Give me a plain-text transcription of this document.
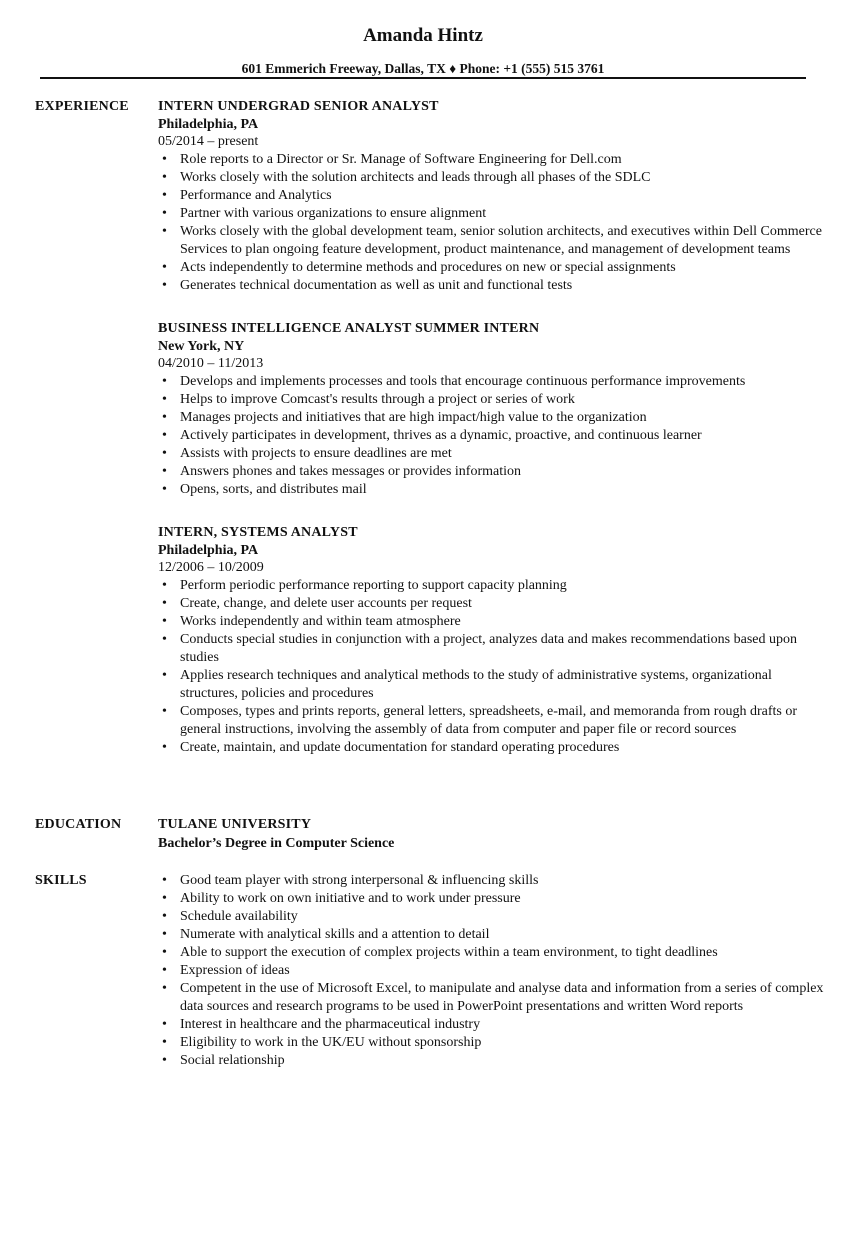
Amanda Hintz
601 Emmerich Freeway, Dallas, TX ♦ Phone: +1 (555) 515 3761
EXPERIENCE INTERN UNDERGRAD SENIOR ANALYST
Philadelphia, PA
05/2014 – present
• Role reports to a Director or Sr. Manage of Software Engineering for Dell.com
• Works closely with the solution architects and leads through all phases of the SDLC
• Performance and Analytics
• Partner with various organizations to ensure alignment
• Works closely with the global development team, senior solution architects, and executives within Dell Commerce Services to plan ongoing feature development, product maintenance, and management of development teams
• Acts independently to determine methods and procedures on new or special assignments
• Generates technical documentation as well as unit and functional tests
BUSINESS INTELLIGENCE ANALYST SUMMER INTERN
New York, NY
04/2010 – 11/2013
• Develops and implements processes and tools that encourage continuous performance improvements
• Helps to improve Comcast's results through a project or series of work
• Manages projects and initiatives that are high impact/high value to the organization
• Actively participates in development, thrives as a dynamic, proactive, and continuous learner
• Assists with projects to ensure deadlines are met
• Answers phones and takes messages or provides information
• Opens, sorts, and distributes mail
INTERN, SYSTEMS ANALYST
Philadelphia, PA
12/2006 – 10/2009
• Perform periodic performance reporting to support capacity planning
• Create, change, and delete user accounts per request
• Works independently and within team atmosphere
• Conducts special studies in conjunction with a project, analyzes data and makes recommendations based upon studies
• Applies research techniques and analytical methods to the study of administrative systems, organizational structures, policies and procedures
• Composes, types and prints reports, general letters, spreadsheets, e-mail, and memoranda from rough drafts or general instructions, involving the assembly of data from computer and paper file or record sources
• Create, maintain, and update documentation for standard operating procedures
EDUCATION	TULANE UNIVERSITY
Bachelor’s Degree in Computer Science
SKILLS
•	Good team player with strong interpersonal & influencing skills
• Ability to work on own initiative and to work under pressure
• Schedule availability
• Numerate with analytical skills and a attention to detail
• Able to support the execution of complex projects within a team environment, to tight deadlines
• Expression of ideas
• Competent in the use of Microsoft Excel, to manipulate and analyse data and information from a series of complex data sources and research programs to be used in PowerPoint presentations and written Word reports
• Interest in healthcare and the pharmaceutical industry
• Eligibility to work in the UK/EU without sponsorship
• Social relationship
